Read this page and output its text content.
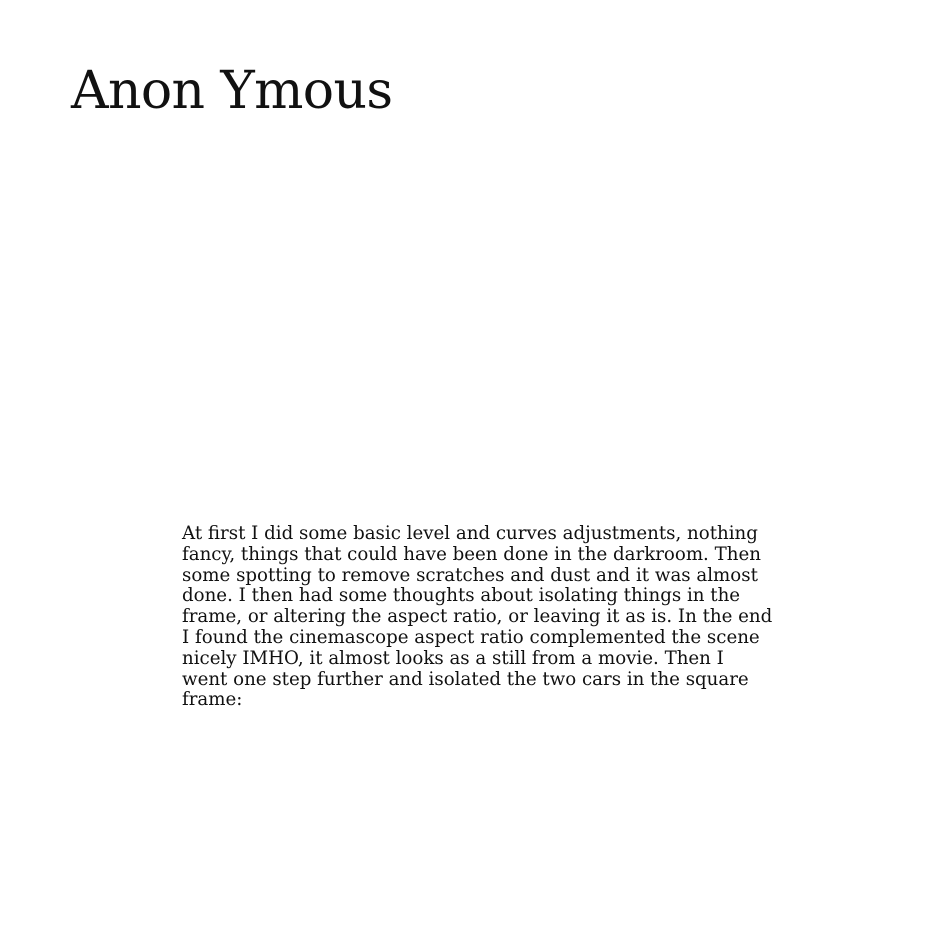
Anon Ymous
At first I did some basic level and curves adjustments, nothing
fancy, things that could have been done in the darkroom. Then
some spotting to remove scratches and dust and it was almost
done. I then had some thoughts about isolating things in the
frame, or altering the aspect ratio, or leaving it as is. In the end
I found the cinemascope aspect ratio complemented the scene
nicely IMHO, it almost looks as a still from a movie. Then I
went one step further and isolated the two cars in the square
frame:
